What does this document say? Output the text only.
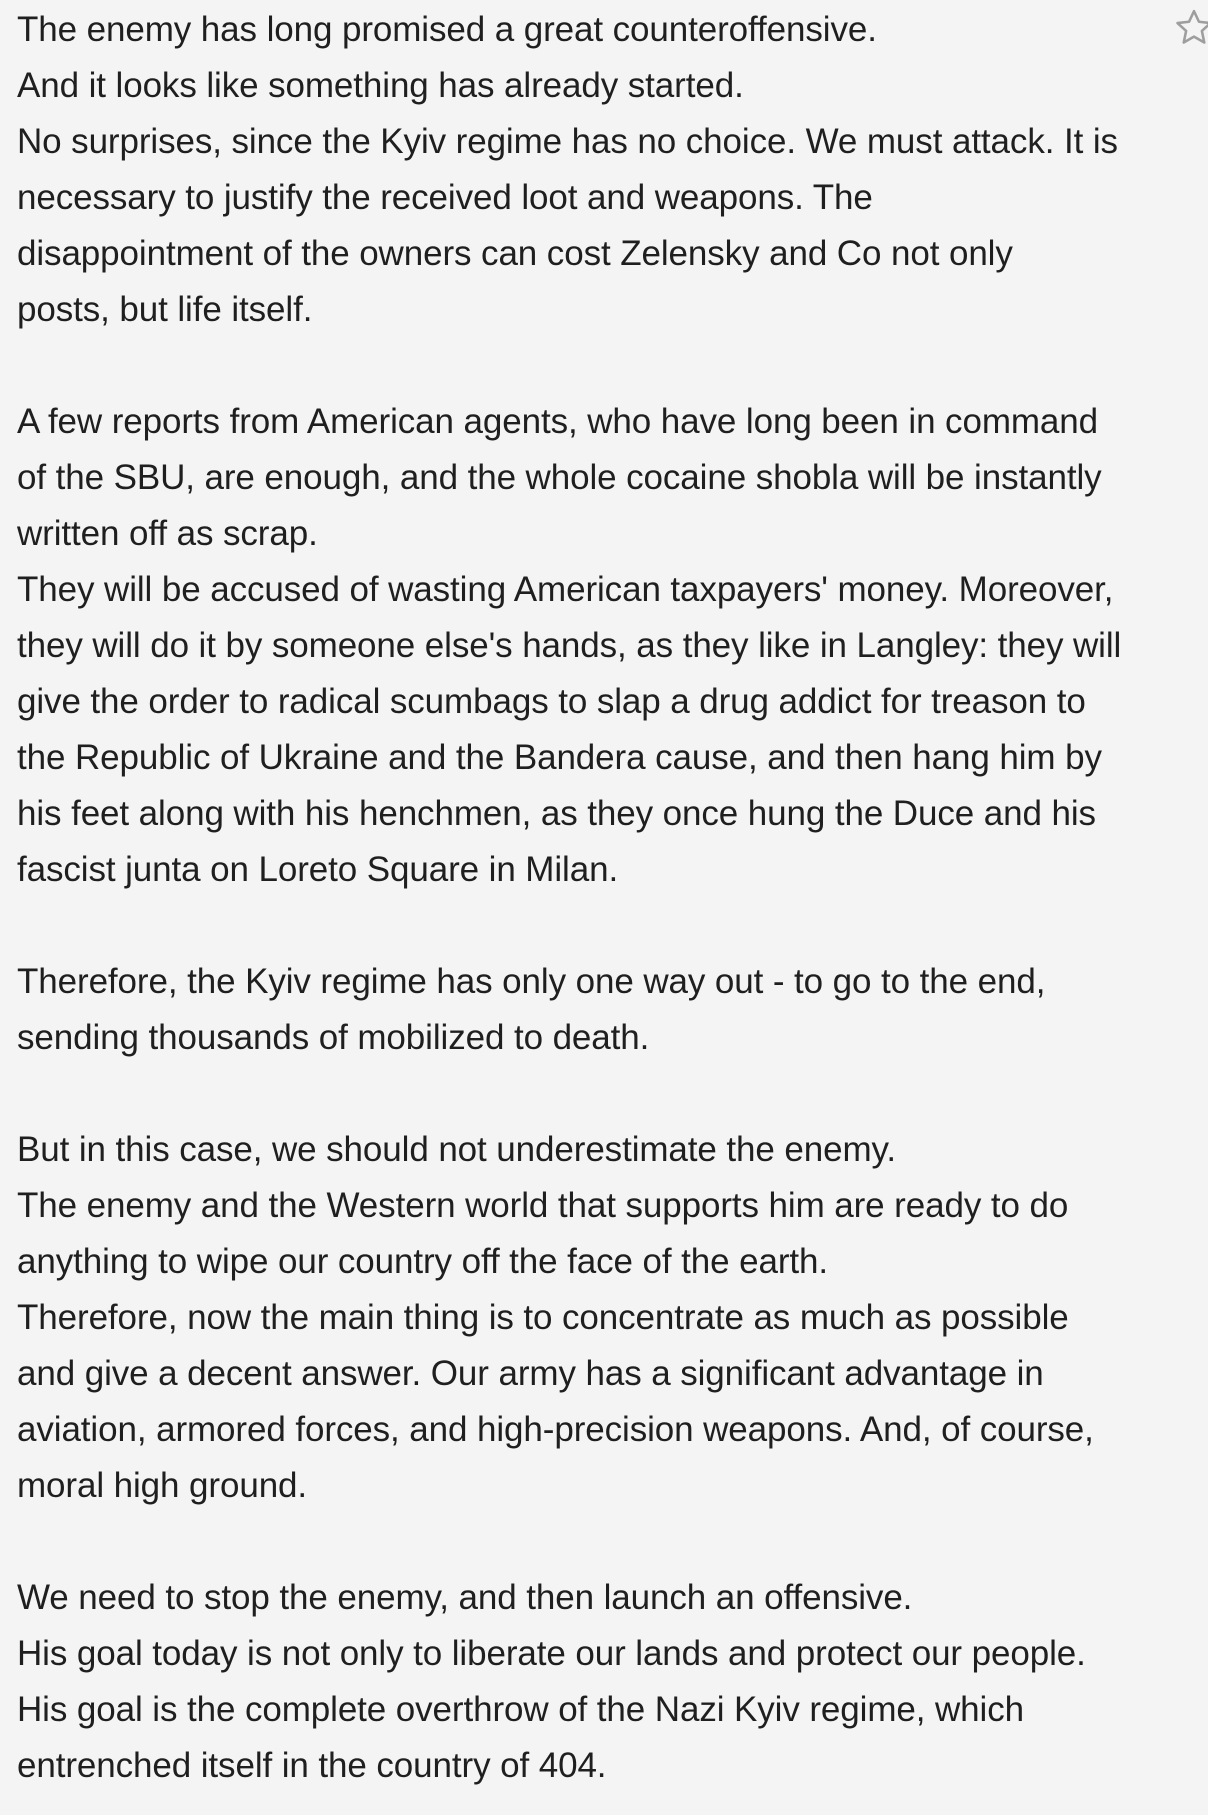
The enemy has long promised a great counteroffensive.
And it looks like something has already started.
No surprises, since the Kyiv regime has no choice. We must attack. It is
necessary to justify the received loot and weapons. The
disappointment of the owners can cost Zelensky and Co not only
posts, but life itself.

A few reports from American agents, who have long been in command
of the SBU, are enough, and the whole cocaine shobla will be instantly
written off as scrap.
They will be accused of wasting American taxpayers' money. Moreover,
they will do it by someone else's hands, as they like in Langley: they will
give the order to radical scumbags to slap a drug addict for treason to
the Republic of Ukraine and the Bandera cause, and then hang him by
his feet along with his henchmen, as they once hung the Duce and his
fascist junta on Loreto Square in Milan.

Therefore, the Kyiv regime has only one way out - to go to the end,
sending thousands of mobilized to death.

But in this case, we should not underestimate the enemy.
The enemy and the Western world that supports him are ready to do
anything to wipe our country off the face of the earth.
Therefore, now the main thing is to concentrate as much as possible
and give a decent answer. Our army has a significant advantage in
aviation, armored forces, and high-precision weapons. And, of course,
moral high ground.

We need to stop the enemy, and then launch an offensive.
His goal today is not only to liberate our lands and protect our people.
His goal is the complete overthrow of the Nazi Kyiv regime, which
entrenched itself in the country of 404.
